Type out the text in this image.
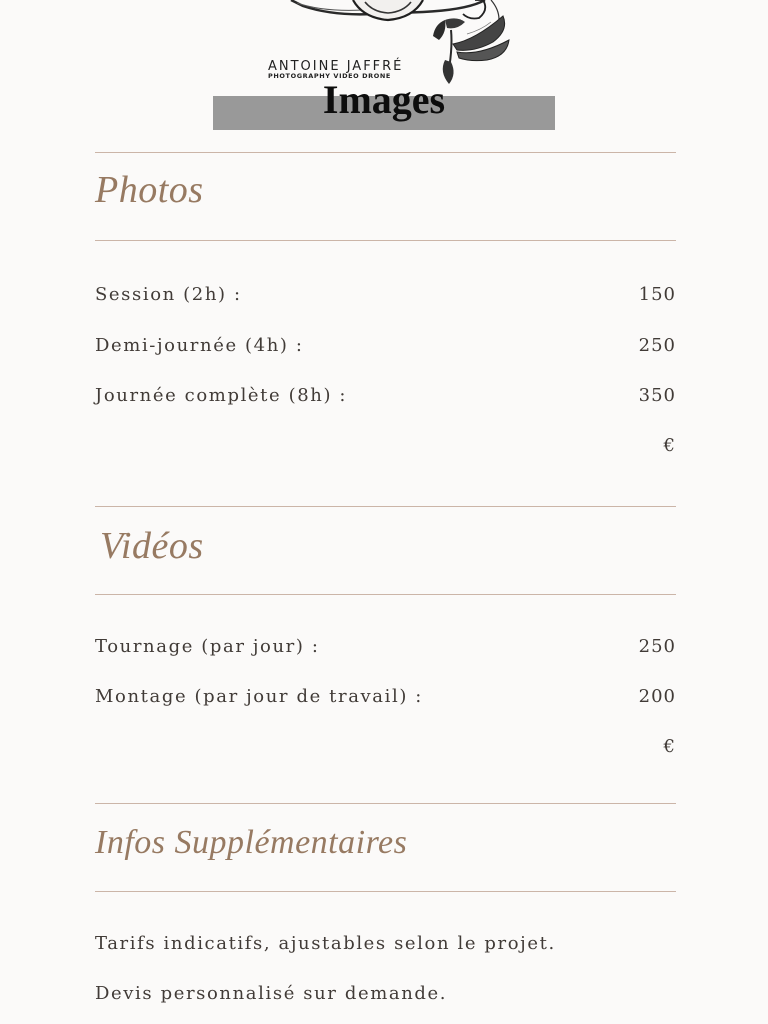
ANTOINE JAFFRÉ
PHOTOGRAPHY VIDEO DRONE
Images
Photos
Session (2h) :	150
Demi-journée (4h) :	250
Journée complète (8h) :	350
€
Vidéos
Tournage (par jour) :	250
Montage (par jour de travail) :	200
€
Infos Supplémentaires
Tarifs indicatifs, ajustables selon le projet.
Devis personnalisé sur demande.
